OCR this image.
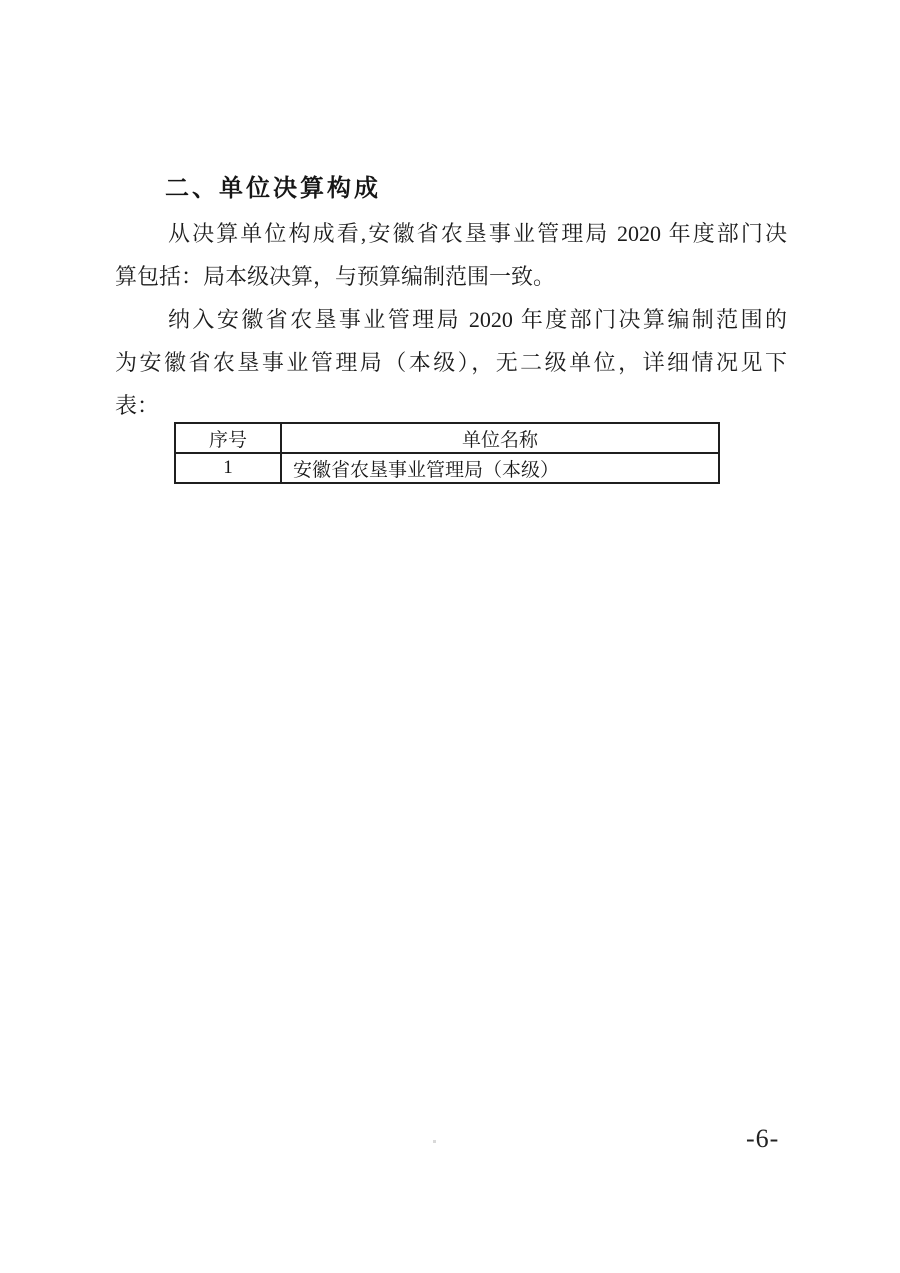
二、单位决算构成
从决算单位构成看,安徽省农垦事业管理局 2020 年度部门决
算包括：局本级决算，与预算编制范围一致。
纳入安徽省农垦事业管理局 2020 年度部门决算编制范围的
为安徽省农垦事业管理局（本级），无二级单位，详细情况见下
表：
序号	单位名称
1	安徽省农垦事业管理局（本级）
-6-
